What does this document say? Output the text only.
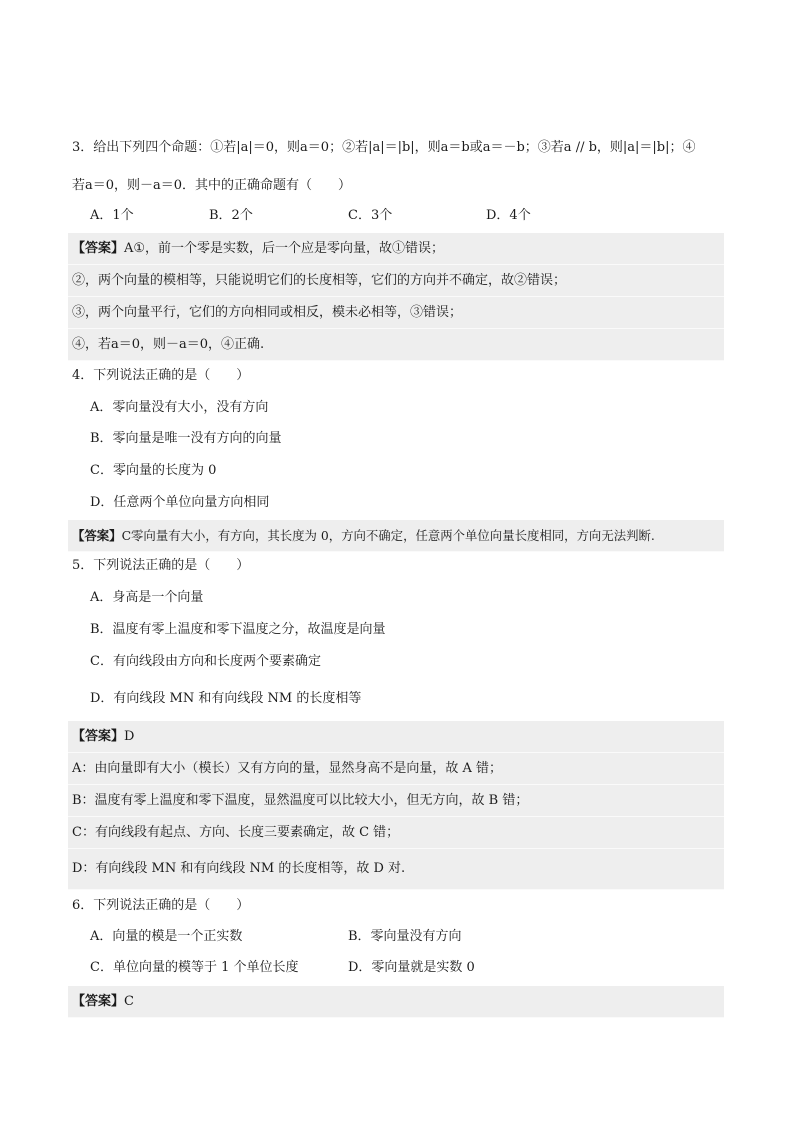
3．给出下列四个命题：①若|a|＝0，则a＝0；②若|a|＝|b|，则a＝b或a＝－b；③若a // b，则|a|＝|b|；④
若a＝0，则－a＝0．其中的正确命题有（　　）
A．1个	B．2个	C．3个	D．4个
【答案】A①，前一个零是实数，后一个应是零向量，故①错误；
②，两个向量的模相等，只能说明它们的长度相等，它们的方向并不确定，故②错误；
③，两个向量平行，它们的方向相同或相反，模未必相等，③错误；
④，若a＝0，则－a＝0，④正确.
4．下列说法正确的是（　　）
A．零向量没有大小，没有方向
B．零向量是唯一没有方向的向量
C．零向量的长度为 0
D．任意两个单位向量方向相同
【答案】C零向量有大小，有方向，其长度为 0，方向不确定，任意两个单位向量长度相同，方向无法判断.
5．下列说法正确的是（　　）
A．身高是一个向量
B．温度有零上温度和零下温度之分，故温度是向量
C．有向线段由方向和长度两个要素确定
D．有向线段 MN 和有向线段 NM 的长度相等
【答案】D
A：由向量即有大小（模长）又有方向的量，显然身高不是向量，故 A 错；
B：温度有零上温度和零下温度，显然温度可以比较大小，但无方向，故 B 错；
C：有向线段有起点、方向、长度三要素确定，故 C 错；
D：有向线段 MN 和有向线段 NM 的长度相等，故 D 对.
6．下列说法正确的是（　　）
A．向量的模是一个正实数	B．零向量没有方向
C．单位向量的模等于 1 个单位长度	D．零向量就是实数 0
【答案】C
